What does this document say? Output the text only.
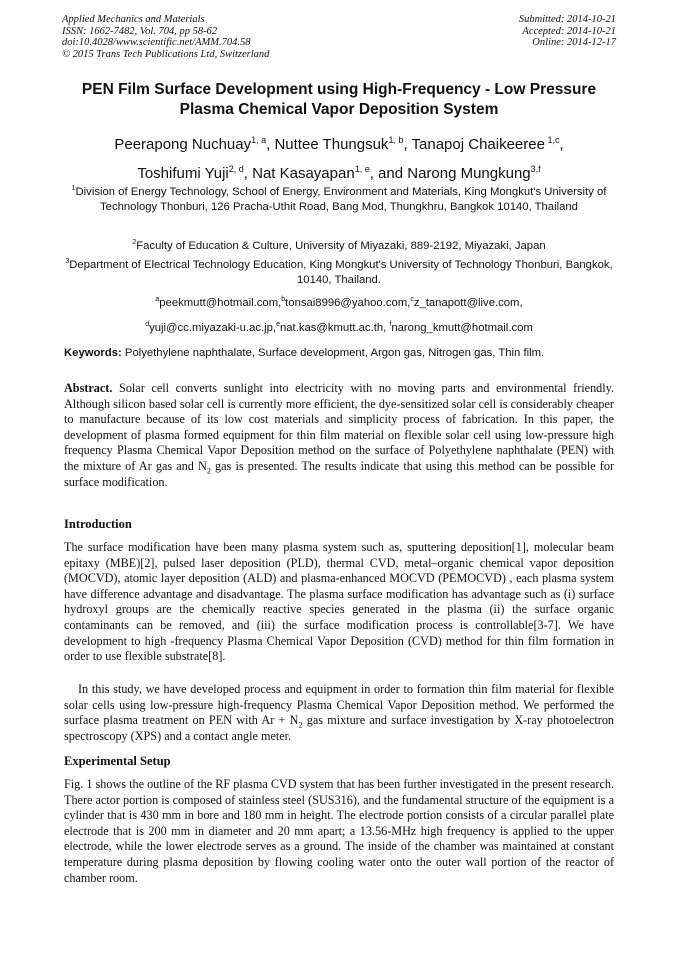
Applied Mechanics and Materials
ISSN: 1662-7482, Vol. 704, pp 58-62
doi:10.4028/www.scientific.net/AMM.704.58
© 2015 Trans Tech Publications Ltd, Switzerland
Submitted: 2014-10-21
Accepted: 2014-10-21
Online: 2014-12-17
PEN Film Surface Development using High-Frequency - Low Pressure
Plasma Chemical Vapor Deposition System
Peerapong Nuchuay$^{1, a}$, Nuttee Thungsuk$^{1, b}$, Tanapoj Chaikeeree $^{1,c}$,
Toshifumi Yuji$^{2, d}$, Nat Kasayapan$^{1, e}$, and Narong Mungkung$^{3,f}$
$^1$Division of Energy Technology, School of Energy, Environment and Materials, King Mongkut's University of Technology Thonburi, 126 Pracha-Uthit Road, Bang Mod, Thungkhru, Bangkok 10140, Thailand
$^2$Faculty of Education & Culture, University of Miyazaki, 889-2192, Miyazaki, Japan
$^3$Department of Electrical Technology Education, King Mongkut's University of Technology Thonburi, Bangkok, 10140, Thailand.
$^a$peekmutt@hotmail.com,$^b$tonsai8996@yahoo.com,$^c$z_tanapott@live.com,
$^d$yuji@cc.miyazaki-u.ac.jp,$^e$nat.kas@kmutt.ac.th, $^f$narong_kmutt@hotmail.com
Keywords: Polyethylene naphthalate, Surface development, Argon gas, Nitrogen gas, Thin film.
Abstract. Solar cell converts sunlight into electricity with no moving parts and environmental friendly. Although silicon based solar cell is currently more efficient, the dye-sensitized solar cell is considerably cheaper to manufacture because of its low cost materials and simplicity process of fabrication. In this paper, the development of plasma formed equipment for thin film material on flexible solar cell using low-pressure high frequency Plasma Chemical Vapor Deposition method on the surface of Polyethylene naphthalate (PEN) with the mixture of Ar gas and $N_2$ gas is presented. The results indicate that using this method can be possible for surface modification.
Introduction
The surface modification have been many plasma system such as, sputtering deposition[1], molecular beam epitaxy (MBE)[2], pulsed laser deposition (PLD), thermal CVD, metal–organic chemical vapor deposition (MOCVD), atomic layer deposition (ALD) and plasma-enhanced MOCVD (PEMOCVD) , each plasma system have difference advantage and disadvantage. The plasma surface modification has advantage such as (i) surface hydroxyl groups are the chemically reactive species generated in the plasma (ii) the surface organic contaminants can be removed, and (iii) the surface modification process is controllable[3-7]. We have development to high -frequency Plasma Chemical Vapor Deposition (CVD) method for thin film formation in order to use flexible substrate[8].
In this study, we have developed process and equipment in order to formation thin film material for flexible solar cells using low-pressure high-frequency Plasma Chemical Vapor Deposition method. We performed the surface plasma treatment on PEN with $Ar + N_2$ gas mixture and surface investigation by X-ray photoelectron spectroscopy (XPS) and a contact angle meter.
Experimental Setup
Fig. 1 shows the outline of the RF plasma CVD system that has been further investigated in the present research. There actor portion is composed of stainless steel (SUS316), and the fundamental structure of the equipment is a cylinder that is 430 mm in bore and 180 mm in height. The electrode portion consists of a circular parallel plate electrode that is 200 mm in diameter and 20 mm apart; a 13.56-MHz high frequency is applied to the upper electrode, while the lower electrode serves as a ground. The inside of the chamber was maintained at constant temperature during plasma deposition by flowing cooling water onto the outer wall portion of the reactor of chamber room.
